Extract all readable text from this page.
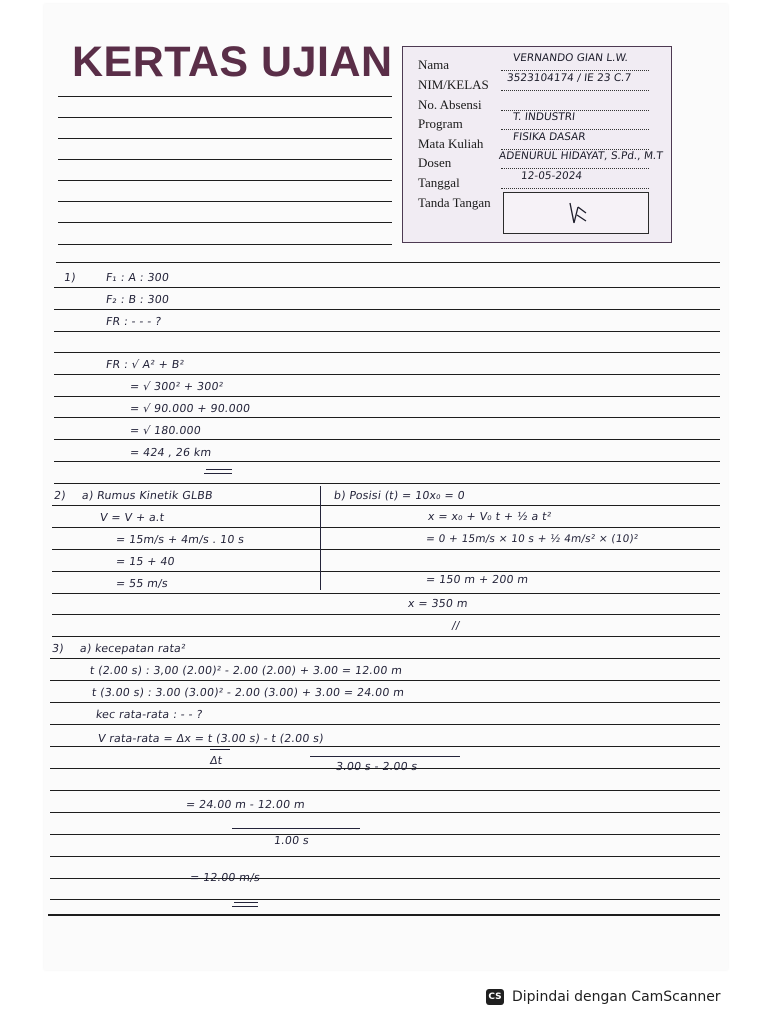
KERTAS UJIAN Nama	VERNANDO GIAN L.W.
NIM/KELAS 3523104174 / IE 23 C.7
No. Absensi
Program	T. INDUSTRI
Mata Kuliah	FISIKA DASAR
Dosen	ADENURUL HIDAYAT, S.Pd., M.T
Tanggal	12-05-2024
Tanda Tangan
1)	F₁ : A : 300
F₂ : B : 300
FR : - - - ?
FR : √ A² + B²
= √ 300² + 300²
= √ 90.000 + 90.000
= √ 180.000
= 424 , 26 km
2) a) Rumus Kinetik GLBB
V = V + a.t
= 15m/s + 4m/s . 10 s
= 15 + 40
= 55 m/s
b) Posisi (t) = 10x₀ = 0
x = x₀ + V₀ t + ½ a t²
= 0 + 15m/s × 10 s + ½ 4m/s² × (10)²
= 150 m + 200 m
x = 350 m
//
3) a) kecepatan rata²
t (2.00 s) : 3,00 (2.00)² - 2.00 (2.00) + 3.00 = 12.00 m
t (3.00 s) : 3.00 (3.00)² - 2.00 (3.00) + 3.00 = 24.00 m
kec rata-rata : - - ?
V rata-rata = Δx = t (3.00 s) - t (2.00 s)
Δt	3.00 s - 2.00 s
= 24.00 m - 12.00 m
1.00 s
= 12.00 m/s
CS Dipindai dengan CamScanner
